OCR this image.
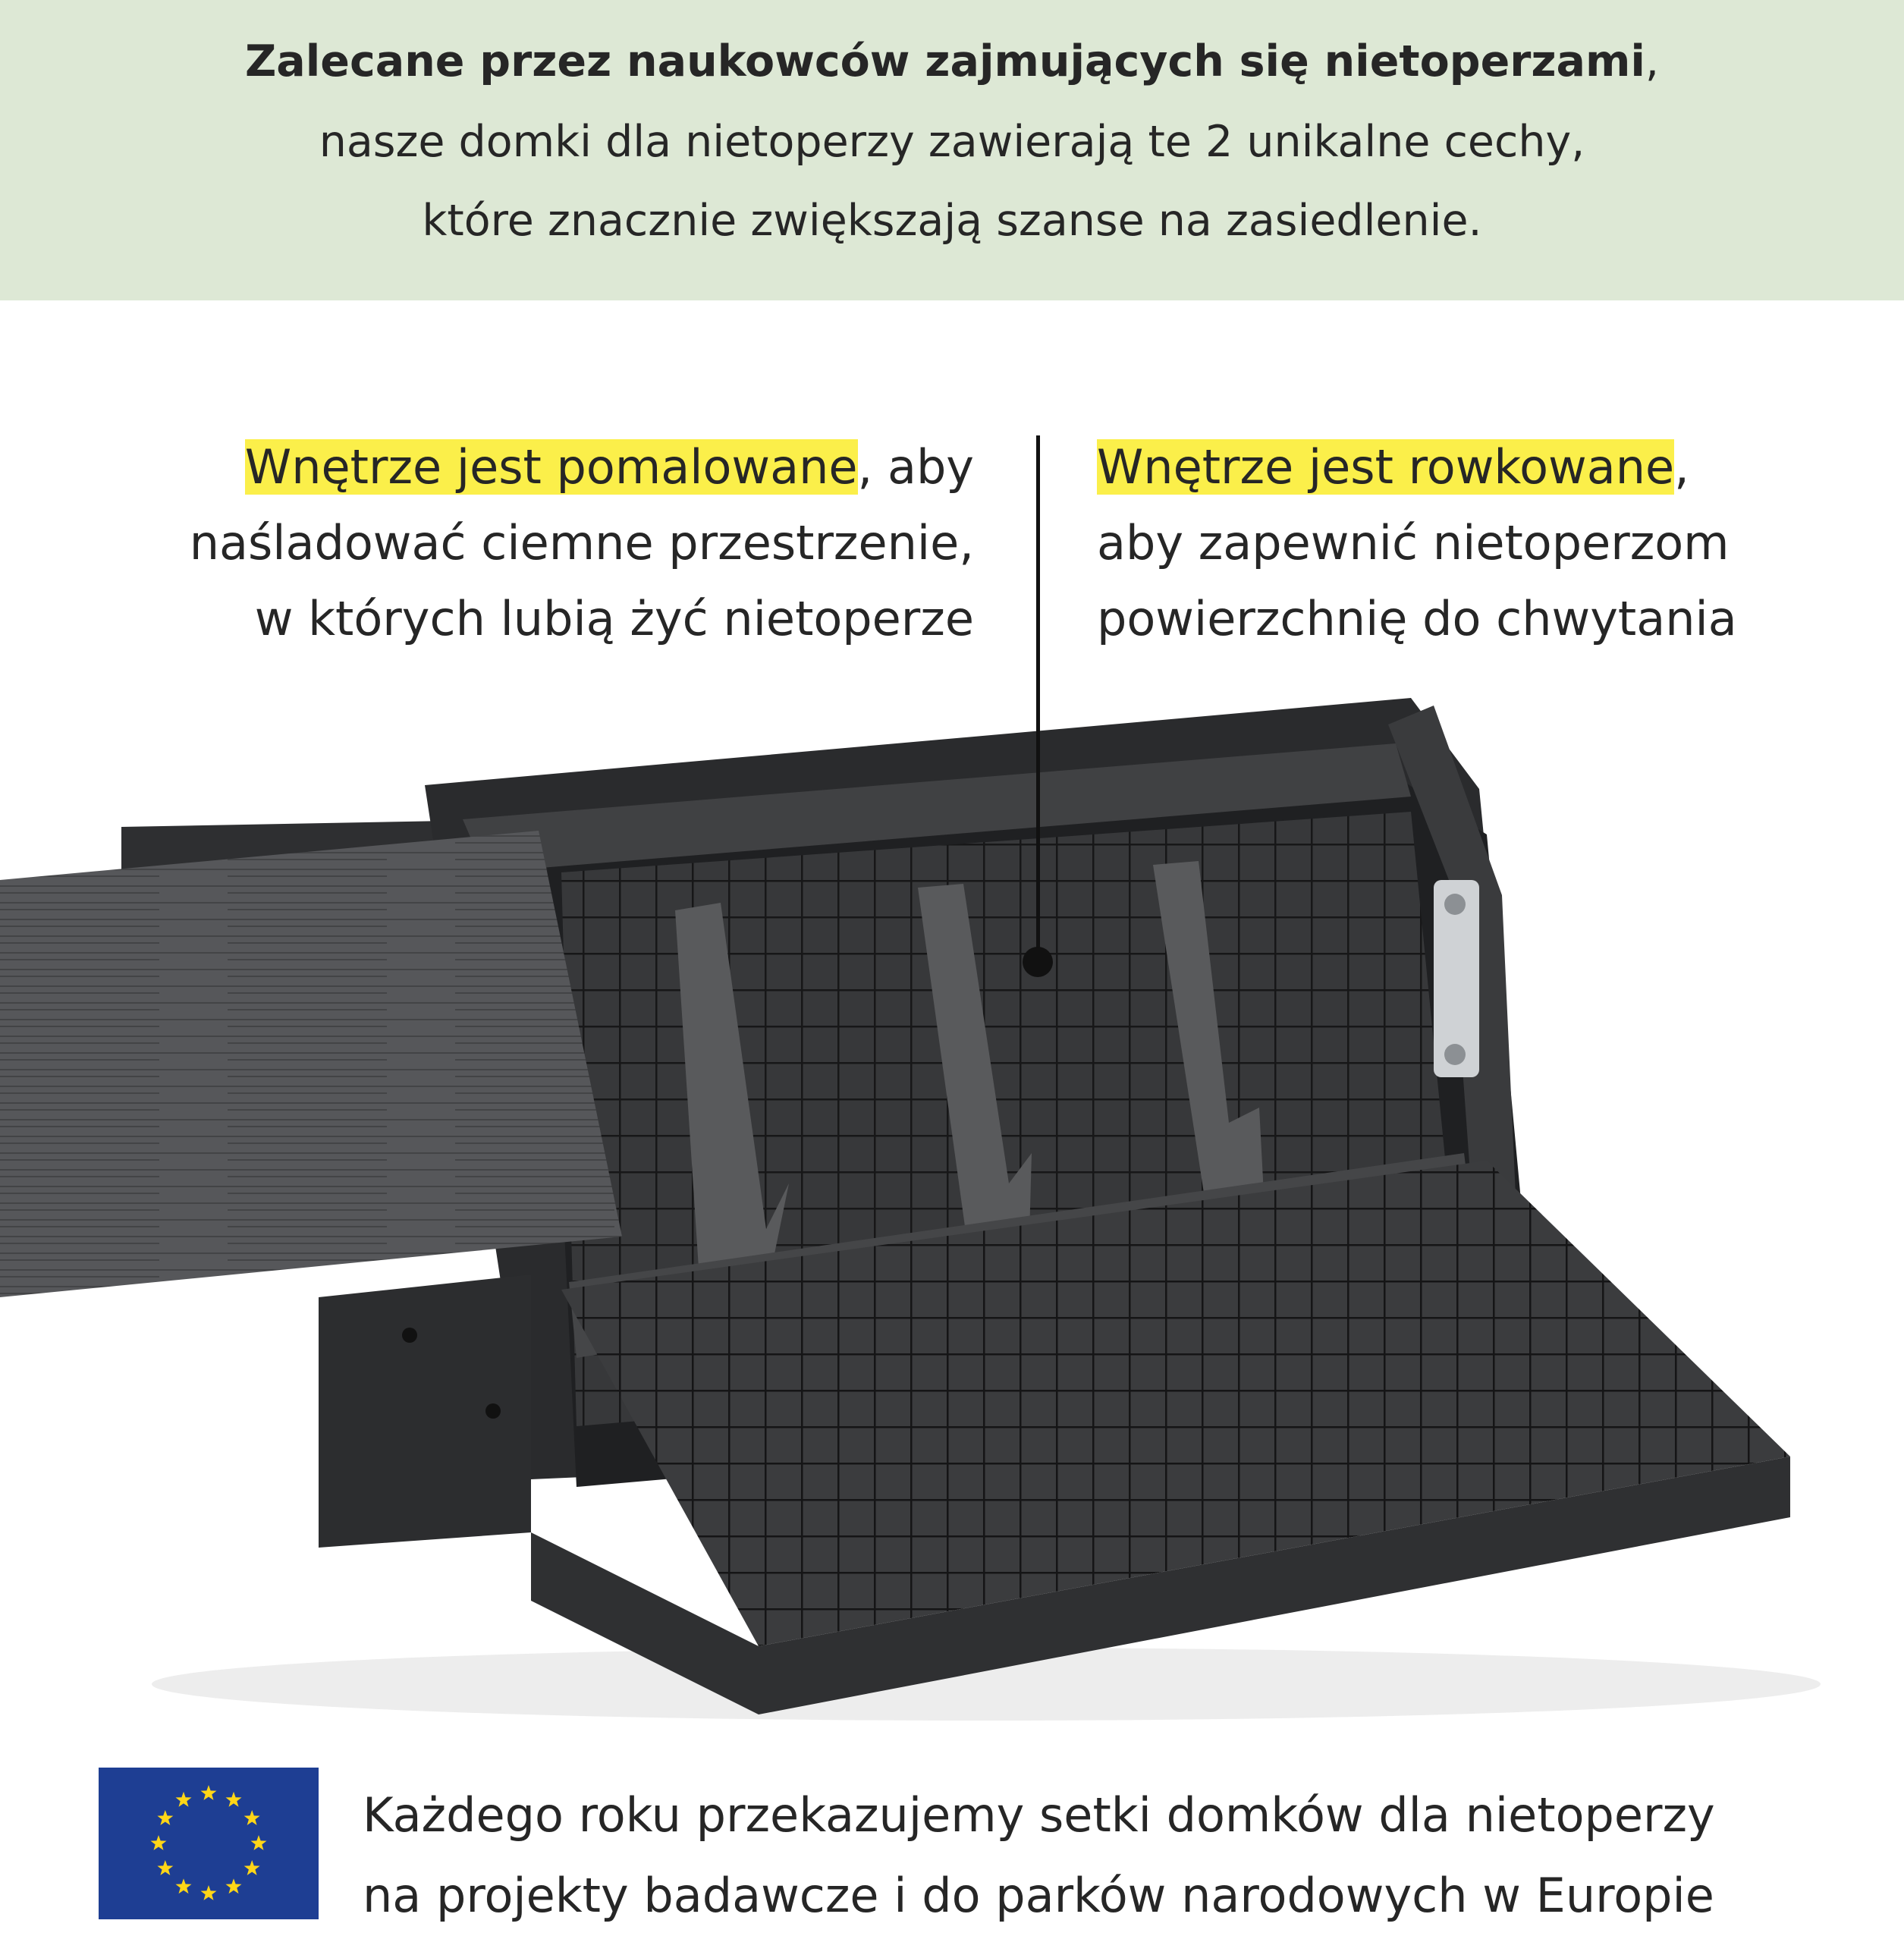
Zalecane przez naukowców zajmujących się nietoperzami,
nasze domki dla nietoperzy zawierają te 2 unikalne cechy,
które znacznie zwiększają szanse na zasiedlenie.
Wnętrze jest pomalowane, aby
naśladować ciemne przestrzenie,
w których lubią żyć nietoperze
Wnętrze jest rowkowane,
aby zapewnić nietoperzom
powierzchnię do chwytania
Każdego roku przekazujemy setki domków dla nietoperzy
na projekty badawcze i do parków narodowych w Europie
